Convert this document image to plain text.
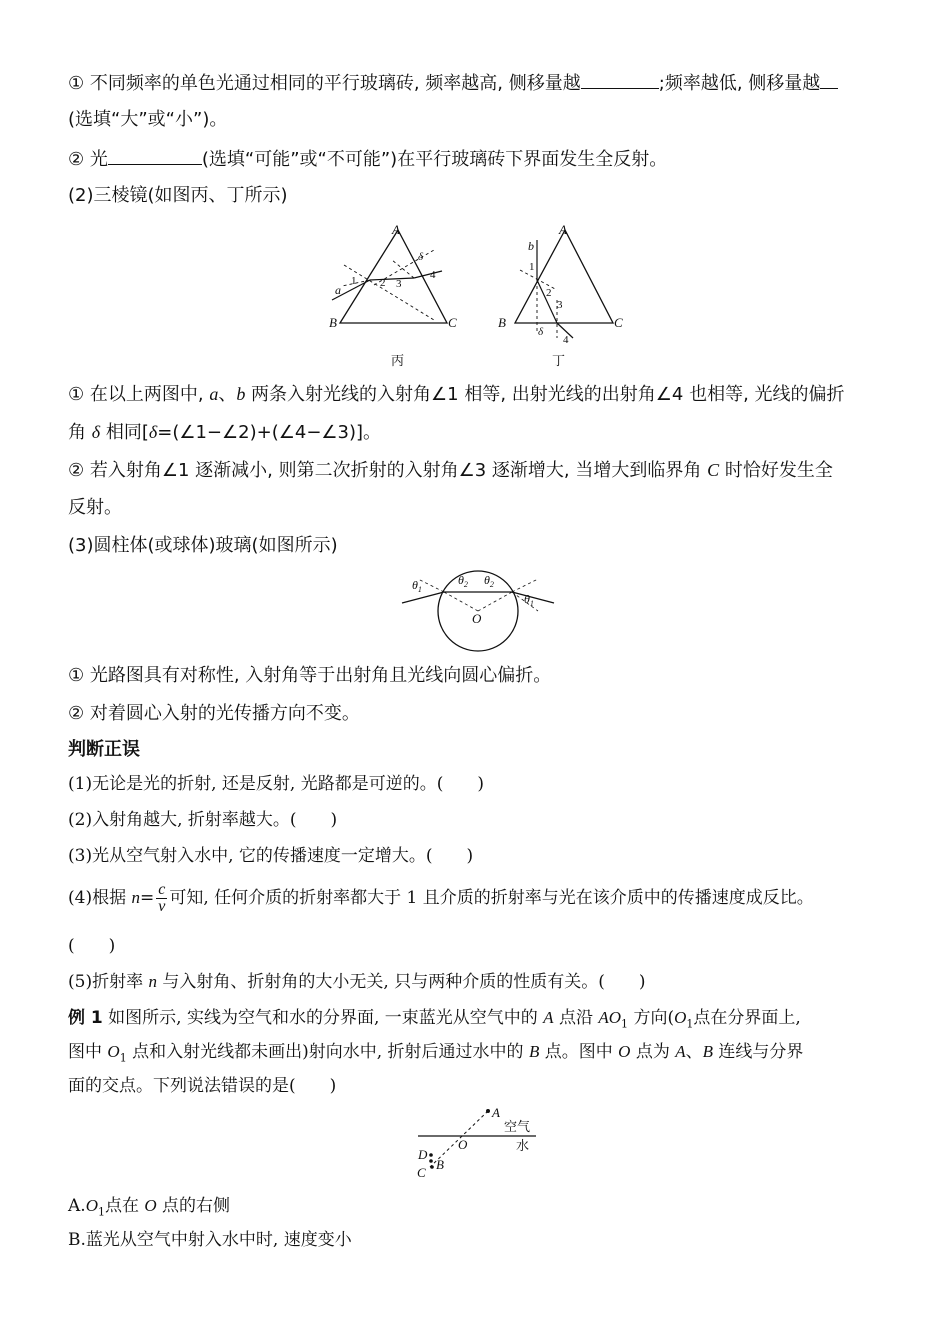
① 不同频率的单色光通过相同的平行玻璃砖, 频率越高, 侧移量越	;频率越低, 侧移量越
(选填“大”或“小”)。
② 光	(选填“可能”或“不可能”)在平行玻璃砖下界面发生全反射。
(2)三棱镜(如图丙、丁所示)
A
B	C
a
1 2 3
4
δ
丙
A
B	C
b
1
2
3
4
δ
丁
① 在以上两图中, a、b 两条入射光线的入射角∠1 相等, 出射光线的出射角∠4 也相等, 光线的偏折
角 δ 相同[δ=(∠1−∠2)+(∠4−∠3)]。
② 若入射角∠1 逐渐减小, 则第二次折射的入射角∠3 逐渐增大, 当增大到临界角 C 时恰好发生全
反射。
(3)圆柱体(或球体)玻璃(如图所示)
$\theta_1$
$\theta_2$ $\theta_2$
$\theta_1$
O
① 光路图具有对称性, 入射角等于出射角且光线向圆心偏折。
② 对着圆心入射的光传播方向不变。
判断正误
(1)无论是光的折射, 还是反射, 光路都是可逆的。(　　)
(2)入射角越大, 折射率越大。(　　)
(3)光从空气射入水中, 它的传播速度一定增大。(　　)
(4)根据 $n= \frac{c}{v}$ 可知, 任何介质的折射率都大于 1 且介质的折射率与光在该介质中的传播速度成反比。
(　　)
(5)折射率 n 与入射角、折射角的大小无关, 只与两种介质的性质有关。(　　)
例 1 如图所示, 实线为空气和水的分界面, 一束蓝光从空气中的 A 点沿 $AO_1$ 方向($O_1$点在分界面上,
图中 $O_1$ 点和入射光线都未画出)射向水中, 折射后通过水中的 B 点。图中 O 点为 A、B 连线与分界
面的交点。下列说法错误的是(　　)
A
O
B
C
D
空气
水
$A.O_1$点在 O 点的右侧
B.蓝光从空气中射入水中时, 速度变小
